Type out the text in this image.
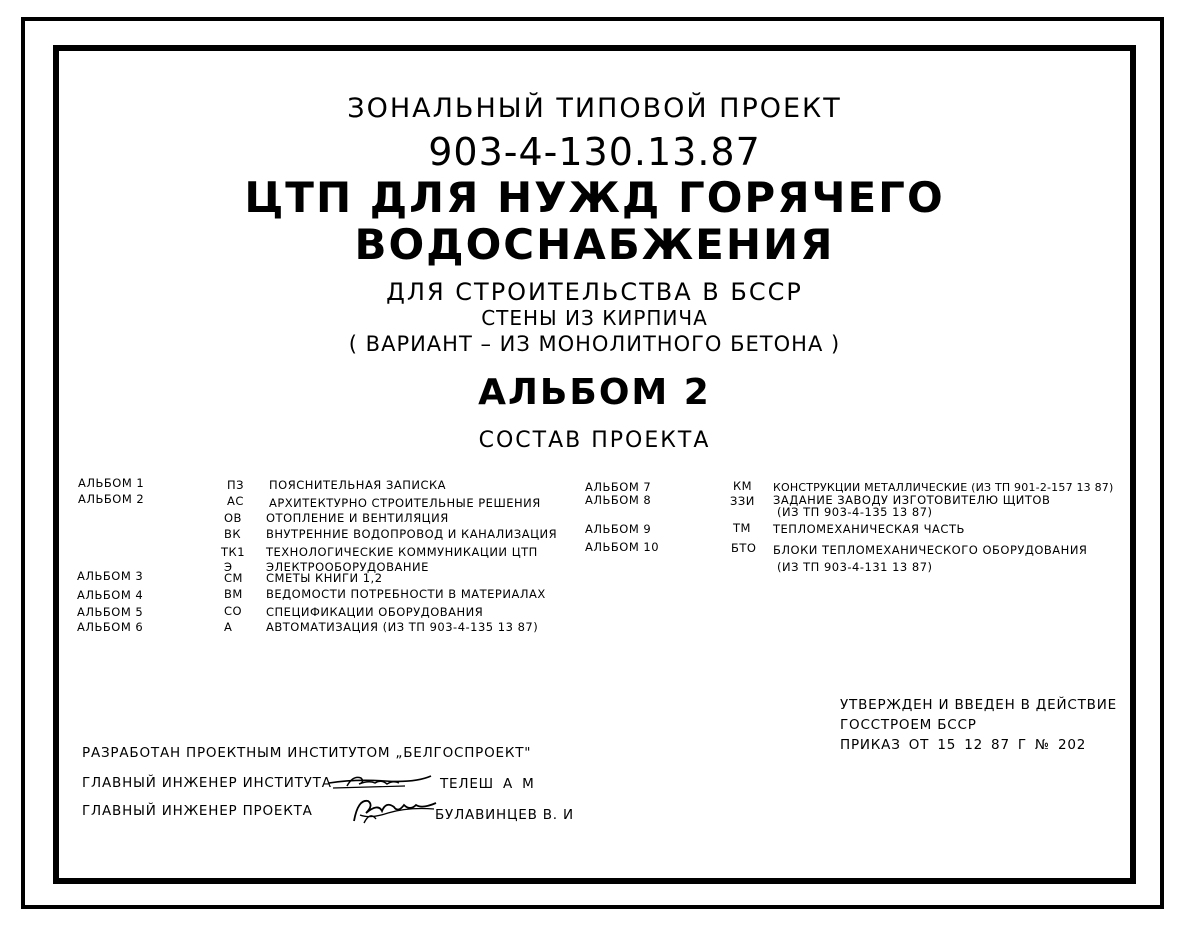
ЗОНАЛЬНЫЙ ТИПОВОЙ ПРОЕКТ
903-4-130.13.87
ЦТП ДЛЯ НУЖД ГОРЯЧЕГО
ВОДОСНАБЖЕНИЯ
ДЛЯ СТРОИТЕЛЬСТВА В БССР
СТЕНЫ ИЗ КИРПИЧА
( ВАРИАНТ – ИЗ МОНОЛИТНОГО БЕТОНА )
АЛЬБОМ 2
СОСТАВ ПРОЕКТА
АЛЬБОМ 1	ПЗ ПОЯСНИТЕЛЬНАЯ ЗАПИСКА
АЛЬБОМ 2	АС АРХИТЕКТУРНО СТРОИТЕЛЬНЫЕ РЕШЕНИЯ
ОВ ОТОПЛЕНИЕ И ВЕНТИЛЯЦИЯ
ВК ВНУТРЕННИЕ ВОДОПРОВОД И КАНАЛИЗАЦИЯ
ТК1 ТЕХНОЛОГИЧЕСКИЕ КОММУНИКАЦИИ ЦТП
Э	ЭЛЕКТРООБОРУДОВАНИЕ
АЛЬБОМ 3	СМ СМЕТЫ КНИГИ 1,2
АЛЬБОМ 4	ВМ ВЕДОМОСТИ ПОТРЕБНОСТИ В МАТЕРИАЛАХ
АЛЬБОМ 5	СО СПЕЦИФИКАЦИИ ОБОРУДОВАНИЯ
АЛЬБОМ 6	А	АВТОМАТИЗАЦИЯ (ИЗ ТП 903-4-135 13 87)
АЛЬБОМ 7	КМ КОНСТРУКЦИИ МЕТАЛЛИЧЕСКИЕ (ИЗ ТП 901-2-157 13 87)
АЛЬБОМ 8	ЗЗИ ЗАДАНИЕ ЗАВОДУ ИЗГОТОВИТЕЛЮ ЩИТОВ
(ИЗ ТП 903-4-135 13 87)
АЛЬБОМ 9	ТМ ТЕПЛОМЕХАНИЧЕСКАЯ ЧАСТЬ
АЛЬБОМ 10	БТО БЛОКИ ТЕПЛОМЕХАНИЧЕСКОГО ОБОРУДОВАНИЯ
(ИЗ ТП 903-4-131 13 87)
УТВЕРЖДЕН И ВВЕДЕН В ДЕЙСТВИЕ
ГОССТРОЕМ БССР
ПРИКАЗ ОТ 15 12 87 Г № 202
РАЗРАБОТАН ПРОЕКТНЫМ ИНСТИТУТОМ „БЕЛГОСПРОЕКТ"
ГЛАВНЫЙ ИНЖЕНЕР ИНСТИТУТА	ТЕЛЕШ А М
ГЛАВНЫЙ ИНЖЕНЕР ПРОЕКТА	БУЛАВИНЦЕВ В. И
